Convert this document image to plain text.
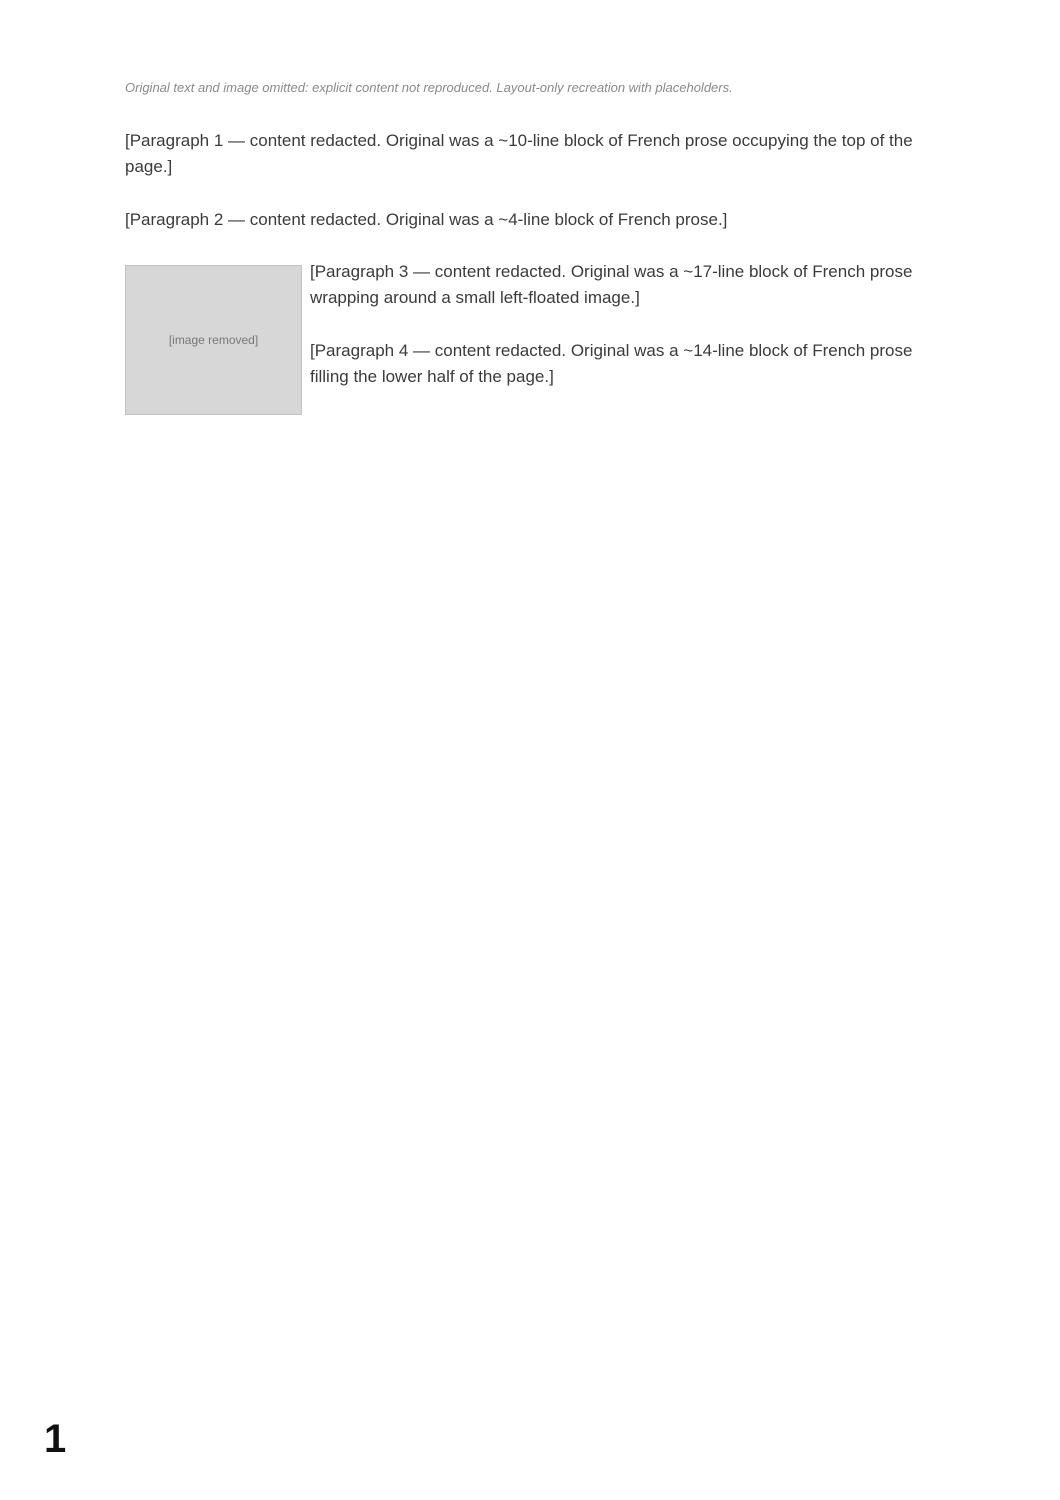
Original text and image omitted: explicit content not reproduced. Layout-only recreation with placeholders.

[Paragraph 1 — content redacted. Original was a ~10-line block of French prose occupying the top of the page.]

[Paragraph 2 — content redacted. Original was a ~4-line block of French prose.]

[image removed]

[Paragraph 3 — content redacted. Original was a ~17-line block of French prose wrapping around a small left-floated image.]

[Paragraph 4 — content redacted. Original was a ~14-line block of French prose filling the lower half of the page.]

1
